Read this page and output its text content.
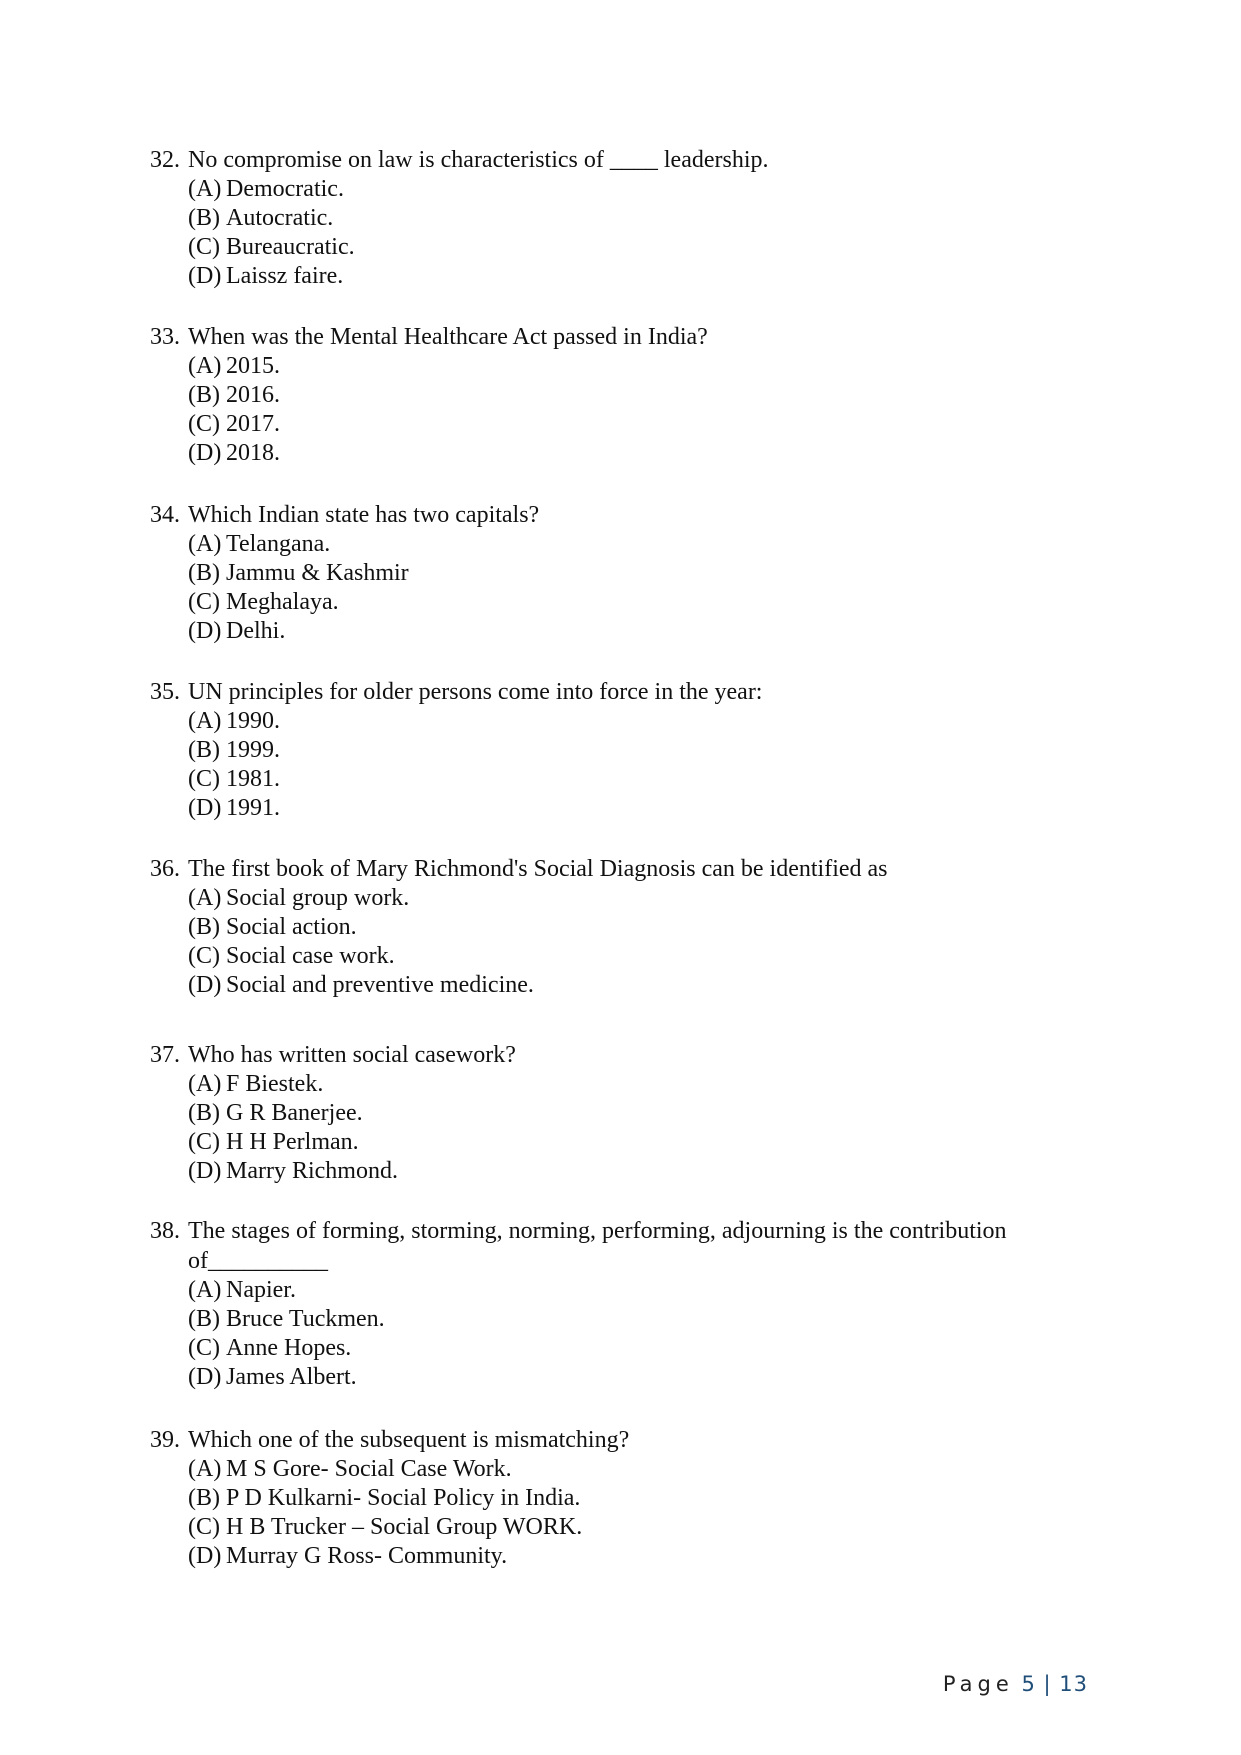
32. No compromise on law is characteristics of ____ leadership.
(A) Democratic.
(B) Autocratic.
(C) Bureaucratic.
(D) Laissz faire.
33. When was the Mental Healthcare Act passed in India?
(A) 2015.
(B) 2016.
(C) 2017.
(D) 2018.
34. Which Indian state has two capitals?
(A) Telangana.
(B) Jammu & Kashmir
(C) Meghalaya.
(D) Delhi.
35. UN principles for older persons come into force in the year:
(A) 1990.
(B) 1999.
(C) 1981.
(D) 1991.
36. The first book of Mary Richmond's Social Diagnosis can be identified as
(A) Social group work.
(B) Social action.
(C) Social case work.
(D) Social and preventive medicine.
37. Who has written social casework?
(A) F Biestek.
(B) G R Banerjee.
(C) H H Perlman.
(D) Marry Richmond.
38. The stages of forming, storming, norming, performing, adjourning is the contribution of__________
(A) Napier.
(B) Bruce Tuckmen.
(C) Anne Hopes.
(D) James Albert.
39. Which one of the subsequent is mismatching?
(A) M S Gore- Social Case Work.
(B) P D Kulkarni- Social Policy in India.
(C) H B Trucker – Social Group WORK.
(D) Murray G Ross- Community.
Page 5 | 13
